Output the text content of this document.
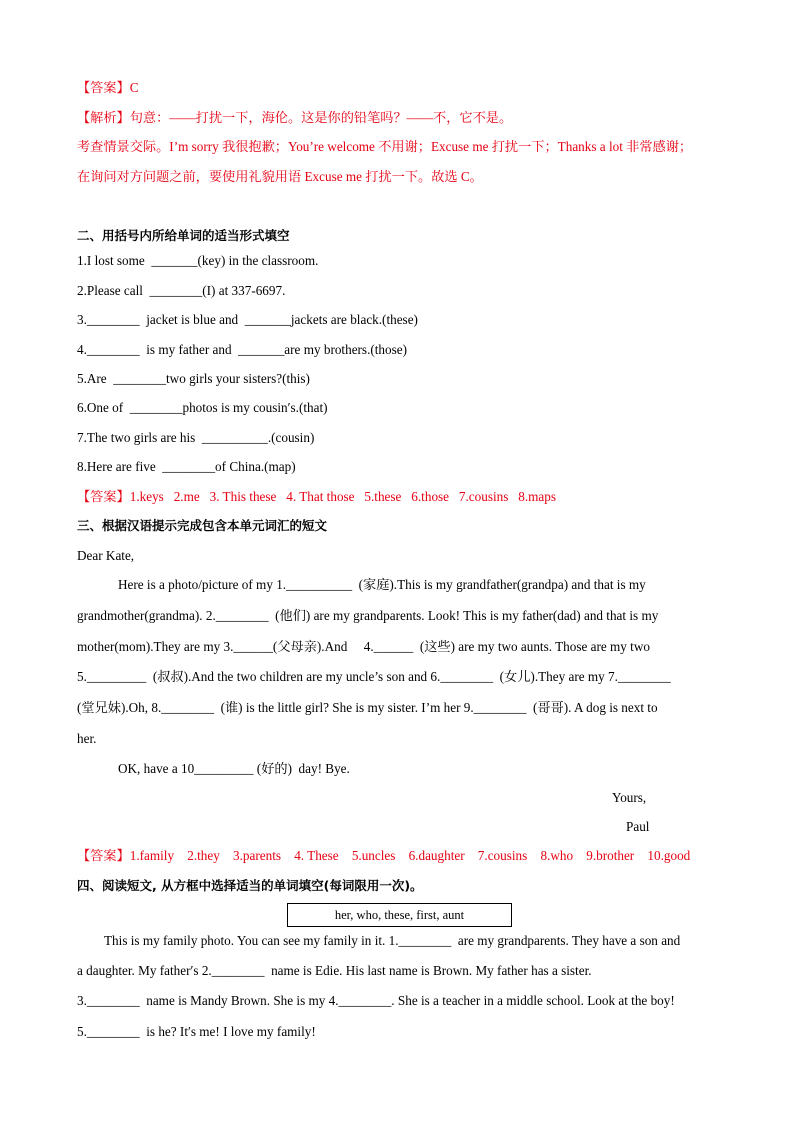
【答案】C
【解析】句意：——打扰一下，海伦。这是你的铅笔吗？——不，它不是。
考查情景交际。I’m sorry 我很抱歉；You’re welcome 不用谢；Excuse me 打扰一下；Thanks a lot 非常感谢；
在询问对方问题之前，要使用礼貌用语 Excuse me 打扰一下。故选 C。
二、用括号内所给单词的适当形式填空
1.I lost some  _______(key) in the classroom.
2.Please call  ________(I) at 337-6697.
3.________  jacket is blue and  _______jackets are black.(these)
4.________  is my father and  _______are my brothers.(those)
5.Are  ________two girls your sisters?(this)
6.One of  ________photos is my cousin′s.(that)
7.The two girls are his  __________.(cousin)
8.Here are five  ________of China.(map)
【答案】1.keys   2.me   3. This these   4. That those   5.these   6.those   7.cousins   8.maps
三、根据汉语提示完成包含本单元词汇的短文
Dear Kate,
Here is a photo/picture of my 1.__________  (家庭).This is my grandfather(grandpa) and that is my
grandmother(grandma). 2.________  (他们) are my grandparents. Look! This is my father(dad) and that is my
mother(mom).They are my 3.______(父母亲).And     4.______  (这些) are my two aunts. Those are my two
5._________  (叔叔).And the two children are my uncle’s son and 6.________  (女儿).They are my 7.________
(堂兄妹).Oh, 8.________  (谁) is the little girl? She is my sister. I’m her 9.________  (哥哥). A dog is next to
her.
OK, have a 10_________ (好的)  day! Bye.
Yours,
Paul
【答案】1.family    2.they    3.parents    4. These    5.uncles    6.daughter    7.cousins    8.who    9.brother    10.good
四、阅读短文, 从方框中选择适当的单词填空(每词限用一次)。
her, who, these, first, aunt
This is my family photo. You can see my family in it. 1.________  are my grandparents. They have a son and
a daughter. My father′s 2.________  name is Edie. His last name is Brown. My father has a sister.
3.________  name is Mandy Brown. She is my 4.________. She is a teacher in a middle school. Look at the boy!
5.________  is he? It′s me! I love my family!
